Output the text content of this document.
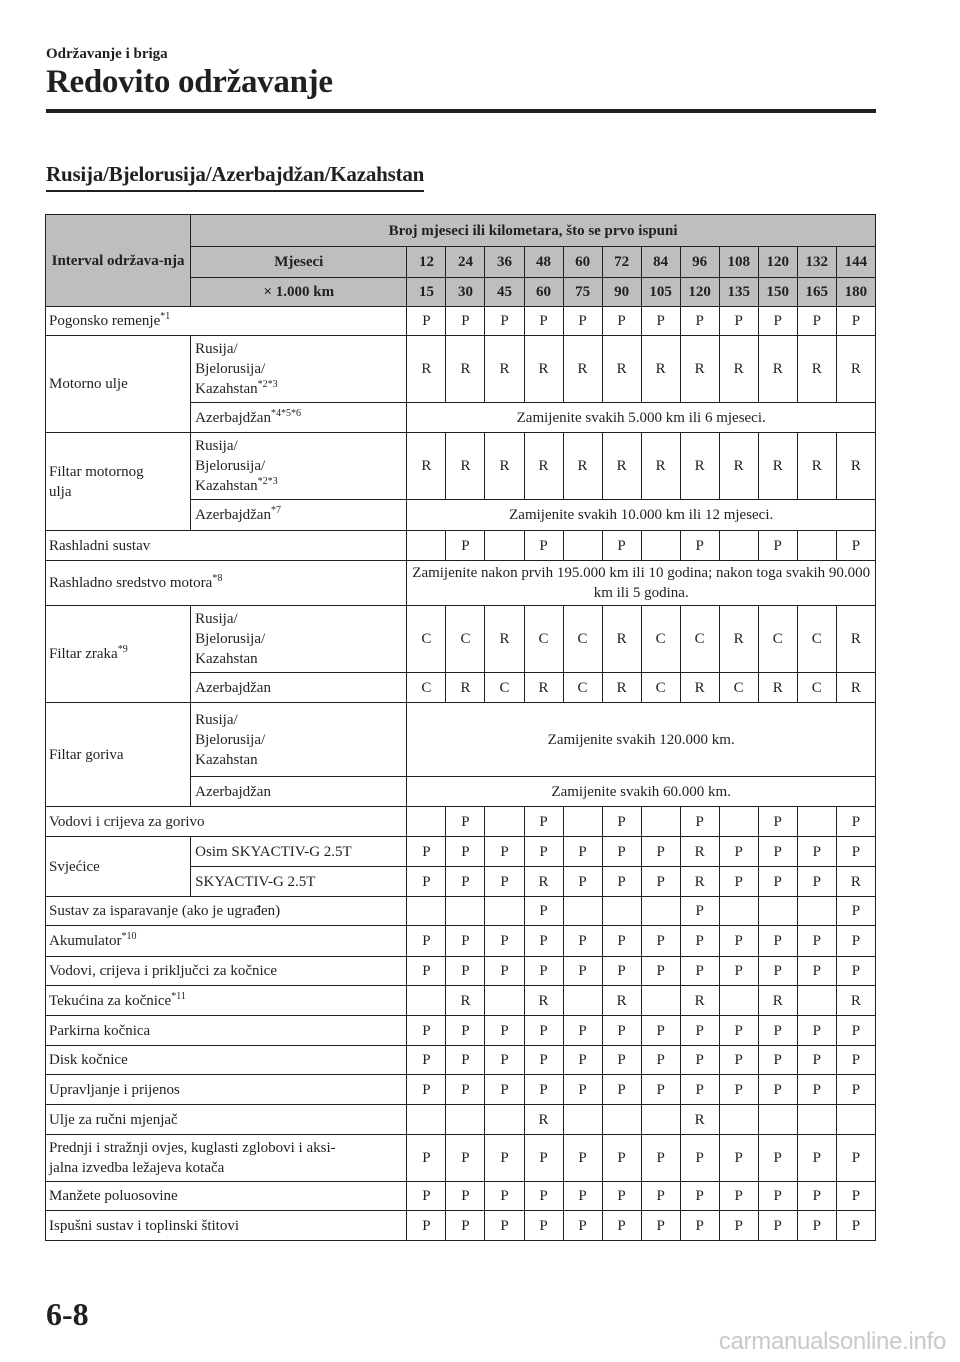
Održavanje i briga
Redovito održavanje
Rusija/Bjelorusija/Azerbajdžan/Kazahstan
Interval održava-nja	Broj mjeseci ili kilometara, što se prvo ispuni												
	Mjeseci	12	24	36	48	60	72	84	96	108	120	132	144
	× 1.000 km	15	30	45	60	75	90	105	120	135	150	165	180
Pogonsko remenje$^{*1}$		P	P	P	P	P	P	P	P	P	P	P	P
Motorno ulje	Rusija/
Bjelorusija/
Kazahstan$^{*2*3}$	R	R	R	R	R	R	R	R	R	R	R	R
	Azerbajdžan$^{*4*5*6}$	Zamijenite svakih 5.000 km ili 6 mjeseci.											
Filtar motornog
ulja	Rusija/
Bjelorusija/
Kazahstan$^{*2*3}$	R	R	R	R	R	R	R	R	R	R	R	R
	Azerbajdžan$^{*7}$	Zamijenite svakih 10.000 km ili 12 mjeseci.											
Rashladni sustav			P		P		P		P		P		P
Rashladno sredstvo motora$^{*8}$		Zamijenite nakon prvih 195.000 km ili 10 godina; nakon toga svakih 90.000 km ili 5 godina.											
Filtar zraka$^{*9}$	Rusija/
Bjelorusija/
Kazahstan	C	C	R	C	C	R	C	C	R	C	C	R
	Azerbajdžan	C	R	C	R	C	R	C	R	C	R	C	R
Filtar goriva	Rusija/
Bjelorusija/
Kazahstan	Zamijenite svakih 120.000 km.											
	Azerbajdžan	Zamijenite svakih 60.000 km.											
Vodovi i crijeva za gorivo			P		P		P		P		P		P
Svjećice	Osim SKYACTIV-G 2.5T	P	P	P	P	P	P	P	R	P	P	P	P
	SKYACTIV-G 2.5T	P	P	P	R	P	P	P	R	P	P	P	R
Sustav za isparavanje (ako je ugrađen)					P				P				P
Akumulator$^{*10}$		P	P	P	P	P	P	P	P	P	P	P	P
Vodovi, crijeva i priključci za kočnice		P	P	P	P	P	P	P	P	P	P	P	P
Tekućina za kočnice$^{*11}$			R		R		R		R		R		R
Parkirna kočnica		P	P	P	P	P	P	P	P	P	P	P	P
Disk kočnice		P	P	P	P	P	P	P	P	P	P	P	P
Upravljanje i prijenos		P	P	P	P	P	P	P	P	P	P	P	P
Ulje za ručni mjenjač					R				R				
Prednji i stražnji ovjes, kuglasti zglobovi i aksi-
jalna izvedba ležajeva kotača		P	P	P	P	P	P	P	P	P	P	P	P
Manžete poluosovine		P	P	P	P	P	P	P	P	P	P	P	P
Ispušni sustav i toplinski štitovi		P	P	P	P	P	P	P	P	P	P	P	P
6-8
carmanualsonline.info
